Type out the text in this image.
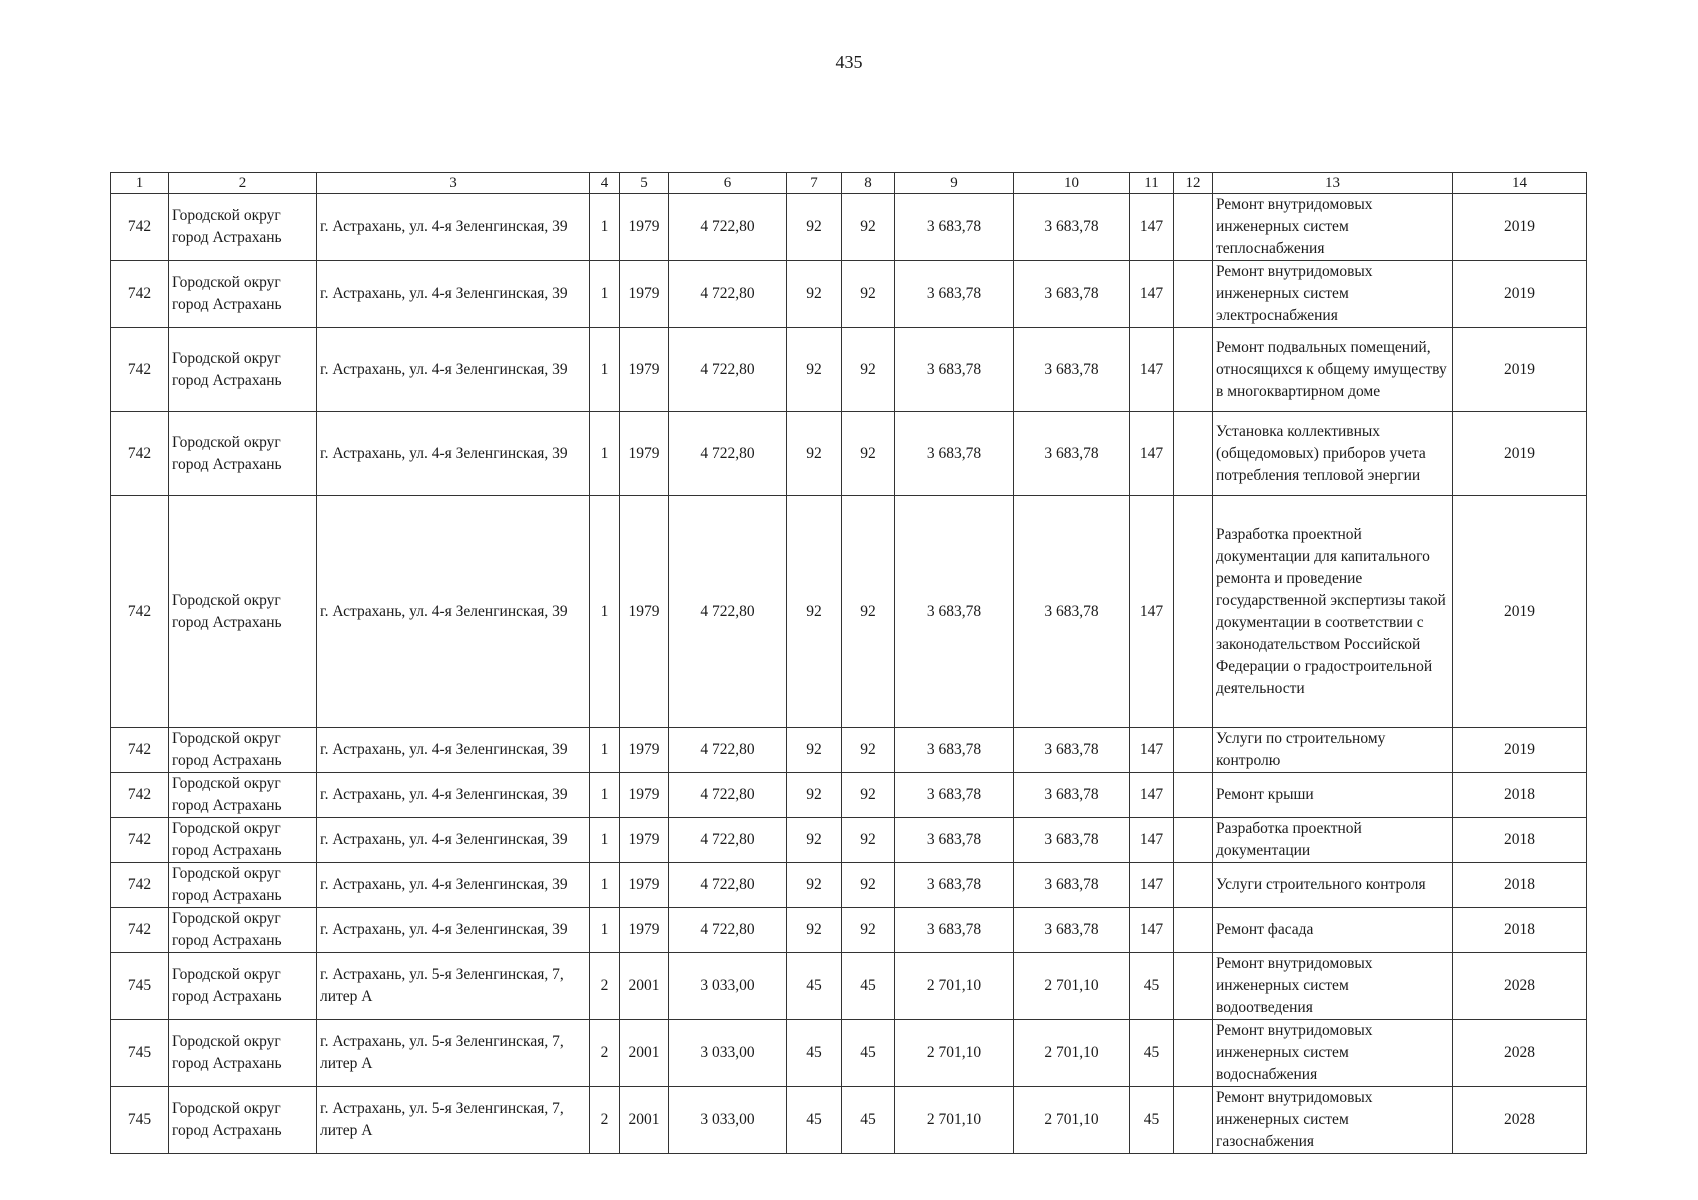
435
1	2	3	4	5	6	7	8	9	10	11	12	13	14
742	Городской округ город Астрахань	г. Астрахань, ул. 4-я Зеленгинская, 39	1	1979	4 722,80	92	92	3 683,78	3 683,78	147		Ремонт внутридомовых инженерных систем теплоснабжения	2019
742	Городской округ город Астрахань	г. Астрахань, ул. 4-я Зеленгинская, 39	1	1979	4 722,80	92	92	3 683,78	3 683,78	147		Ремонт внутридомовых инженерных систем электроснабжения	2019
742	Городской округ город Астрахань	г. Астрахань, ул. 4-я Зеленгинская, 39	1	1979	4 722,80	92	92	3 683,78	3 683,78	147		Ремонт подвальных помещений, относящихся к общему имуществу в многоквартирном доме	2019
742	Городской округ город Астрахань	г. Астрахань, ул. 4-я Зеленгинская, 39	1	1979	4 722,80	92	92	3 683,78	3 683,78	147		Установка коллективных (общедомовых) приборов учета потребления тепловой энергии	2019
742	Городской округ город Астрахань	г. Астрахань, ул. 4-я Зеленгинская, 39	1	1979	4 722,80	92	92	3 683,78	3 683,78	147		Разработка проектной документации для капитального ремонта и проведение государственной экспертизы такой документации в соответствии с законодательством Российской Федерации о градостроительной деятельности	2019
742	Городской округ город Астрахань	г. Астрахань, ул. 4-я Зеленгинская, 39	1	1979	4 722,80	92	92	3 683,78	3 683,78	147		Услуги по строительному контролю	2019
742	Городской округ город Астрахань	г. Астрахань, ул. 4-я Зеленгинская, 39	1	1979	4 722,80	92	92	3 683,78	3 683,78	147		Ремонт крыши	2018
742	Городской округ город Астрахань	г. Астрахань, ул. 4-я Зеленгинская, 39	1	1979	4 722,80	92	92	3 683,78	3 683,78	147		Разработка проектной документации	2018
742	Городской округ город Астрахань	г. Астрахань, ул. 4-я Зеленгинская, 39	1	1979	4 722,80	92	92	3 683,78	3 683,78	147		Услуги строительного контроля	2018
742	Городской округ город Астрахань	г. Астрахань, ул. 4-я Зеленгинская, 39	1	1979	4 722,80	92	92	3 683,78	3 683,78	147		Ремонт фасада	2018
745	Городской округ город Астрахань	г. Астрахань, ул. 5-я Зеленгинская, 7, литер А	2	2001	3 033,00	45	45	2 701,10	2 701,10	45		Ремонт внутридомовых инженерных систем водоотведения	2028
745	Городской округ город Астрахань	г. Астрахань, ул. 5-я Зеленгинская, 7, литер А	2	2001	3 033,00	45	45	2 701,10	2 701,10	45		Ремонт внутридомовых инженерных систем водоснабжения	2028
745	Городской округ город Астрахань	г. Астрахань, ул. 5-я Зеленгинская, 7, литер А	2	2001	3 033,00	45	45	2 701,10	2 701,10	45		Ремонт внутридомовых инженерных систем газоснабжения	2028
